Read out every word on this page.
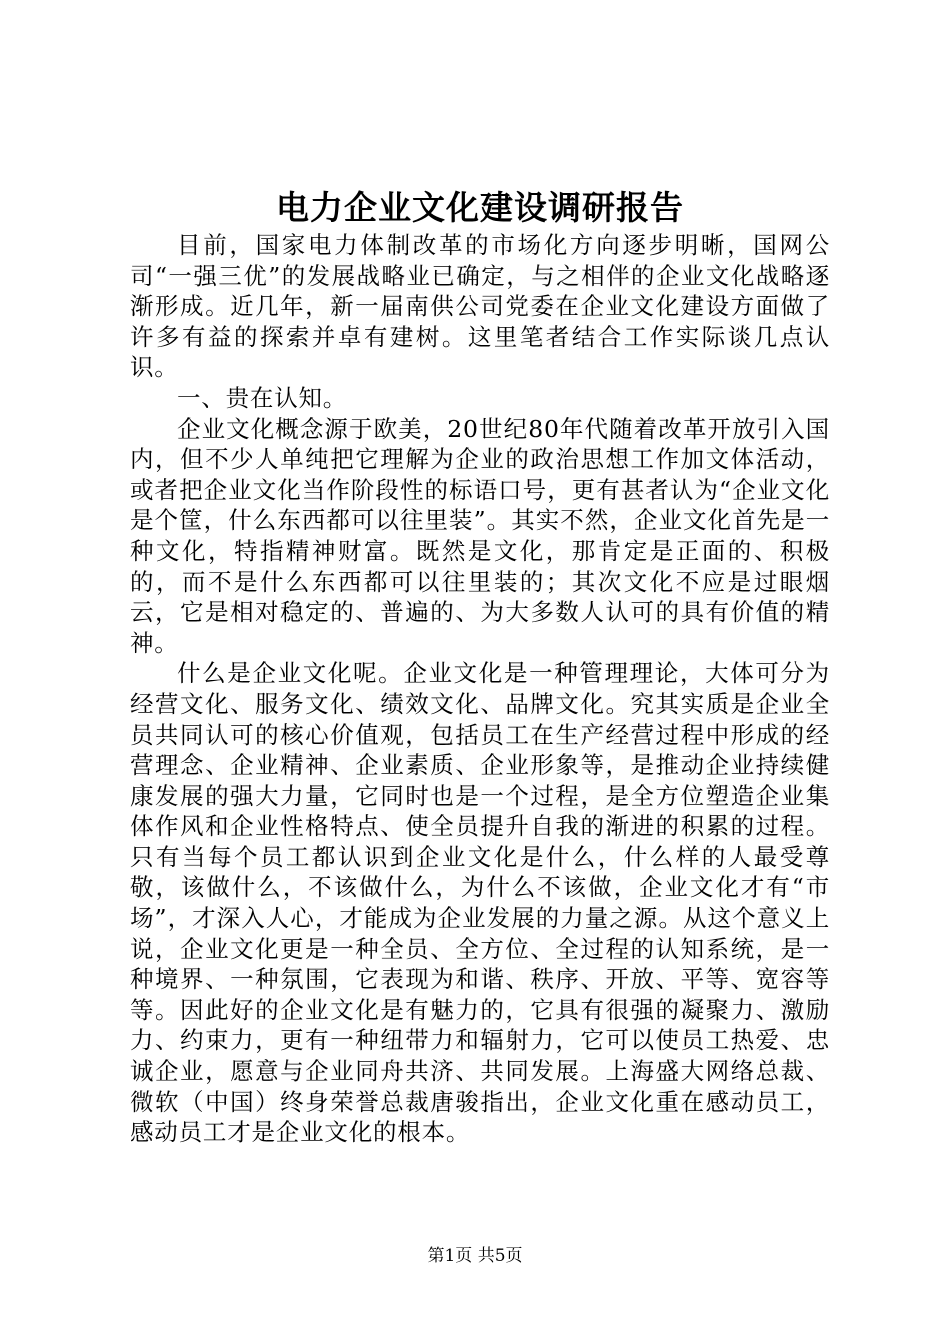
电力企业文化建设调研报告

目前，国家电力体制改革的市场化方向逐步明晰，国网公司“一强三优”的发展战略业已确定，与之相伴的企业文化战略逐渐形成。近几年，新一届南供公司党委在企业文化建设方面做了许多有益的探索并卓有建树。这里笔者结合工作实际谈几点认识。

一、贵在认知。

企业文化概念源于欧美，20世纪80年代随着改革开放引入国内，但不少人单纯把它理解为企业的政治思想工作加文体活动，或者把企业文化当作阶段性的标语口号，更有甚者认为“企业文化是个筐，什么东西都可以往里装”。其实不然，企业文化首先是一种文化，特指精神财富。既然是文化，那肯定是正面的、积极的，而不是什么东西都可以往里装的；其次文化不应是过眼烟云，它是相对稳定的、普遍的、为大多数人认可的具有价值的精神。

什么是企业文化呢。企业文化是一种管理理论，大体可分为经营文化、服务文化、绩效文化、品牌文化。究其实质是企业全员共同认可的核心价值观，包括员工在生产经营过程中形成的经营理念、企业精神、企业素质、企业形象等，是推动企业持续健康发展的强大力量，它同时也是一个过程，是全方位塑造企业集体作风和企业性格特点、使全员提升自我的渐进的积累的过程。只有当每个员工都认识到企业文化是什么，什么样的人最受尊敬，该做什么，不该做什么，为什么不该做，企业文化才有“市场”，才深入人心，才能成为企业发展的力量之源。从这个意义上说，企业文化更是一种全员、全方位、全过程的认知系统，是一种境界、一种氛围，它表现为和谐、秩序、开放、平等、宽容等等。因此好的企业文化是有魅力的，它具有很强的凝聚力、激励力、约束力，更有一种纽带力和辐射力，它可以使员工热爱、忠诚企业，愿意与企业同舟共济、共同发展。上海盛大网络总裁、微软（中国）终身荣誉总裁唐骏指出，企业文化重在感动员工，感动员工才是企业文化的根本。

第1页 共5页
